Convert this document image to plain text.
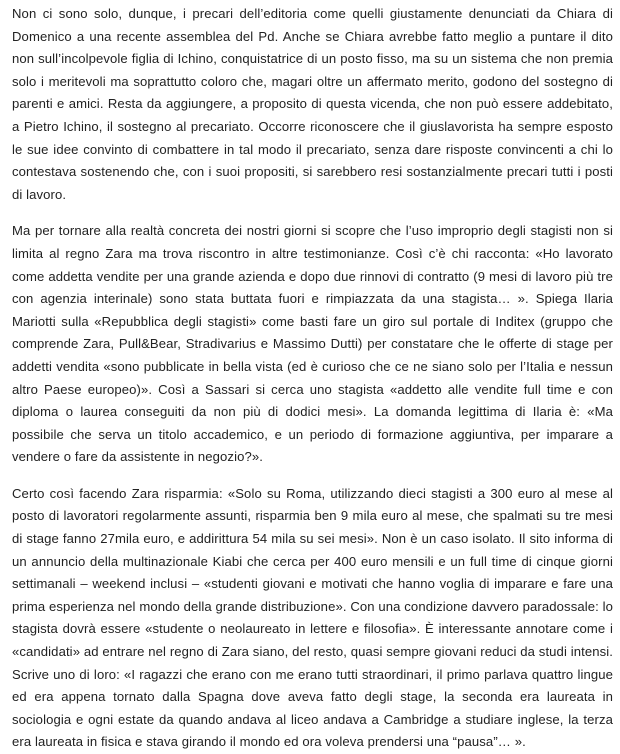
Non ci sono solo, dunque, i precari dell’editoria come quelli giustamente denunciati da Chiara di Domenico a una recente assemblea del Pd. Anche se Chiara avrebbe fatto meglio a puntare il dito non sull’incolpevole figlia di Ichino, conquistatrice di un posto fisso, ma su un sistema che non premia solo i meritevoli ma soprattutto coloro che, magari oltre un affermato merito, godono del sostegno di parenti e amici. Resta da aggiungere, a proposito di questa vicenda, che non può essere addebitato, a Pietro Ichino, il sostegno al precariato. Occorre riconoscere che il giuslavorista ha sempre esposto le sue idee convinto di combattere in tal modo il precariato, senza dare risposte convincenti a chi lo contestava sostenendo che, con i suoi propositi, si sarebbero resi sostanzialmente precari tutti i posti di lavoro.

Ma per tornare alla realtà concreta dei nostri giorni si scopre che l’uso improprio degli stagisti non si limita al regno Zara ma trova riscontro in altre testimonianze. Così c’è chi racconta: «Ho lavorato come addetta vendite per una grande azienda e dopo due rinnovi di contratto (9 mesi di lavoro più tre con agenzia interinale) sono stata buttata fuori e rimpiazzata da una stagista… ». Spiega Ilaria Mariotti sulla «Repubblica degli stagisti» come basti fare un giro sul portale di Inditex (gruppo che comprende Zara, Pull&Bear, Stradivarius e Massimo Dutti) per constatare che le offerte di stage per addetti vendita «sono pubblicate in bella vista (ed è curioso che ce ne siano solo per l’Italia e nessun altro Paese europeo)». Così a Sassari si cerca uno stagista «addetto alle vendite full time e con diploma o laurea conseguiti da non più di dodici mesi». La domanda legittima di Ilaria è: «Ma possibile che serva un titolo accademico, e un periodo di formazione aggiuntiva, per imparare a vendere o fare da assistente in negozio?».

Certo così facendo Zara risparmia: «Solo su Roma, utilizzando dieci stagisti a 300 euro al mese al posto di lavoratori regolarmente assunti, risparmia ben 9 mila euro al mese, che spalmati su tre mesi di stage fanno 27mila euro, e addirittura 54 mila su sei mesi». Non è un caso isolato. Il sito informa di un annuncio della multinazionale Kiabi che cerca per 400 euro mensili e un full time di cinque giorni settimanali – weekend inclusi – «studenti giovani e motivati che hanno voglia di imparare e fare una prima esperienza nel mondo della grande distribuzione». Con una condizione davvero paradossale: lo stagista dovrà essere «studente o neolaureato in lettere e filosofia». È interessante annotare come i «candidati» ad entrare nel regno di Zara siano, del resto, quasi sempre giovani reduci da studi intensi. Scrive uno di loro: «I ragazzi che erano con me erano tutti straordinari, il primo parlava quattro lingue ed era appena tornato dalla Spagna dove aveva fatto degli stage, la seconda era laureata in sociologia e ogni estate da quando andava al liceo andava a Cambridge a studiare inglese, la terza era laureata in fisica e stava girando il mondo ed ora voleva prendersi una “pausa”… ».
